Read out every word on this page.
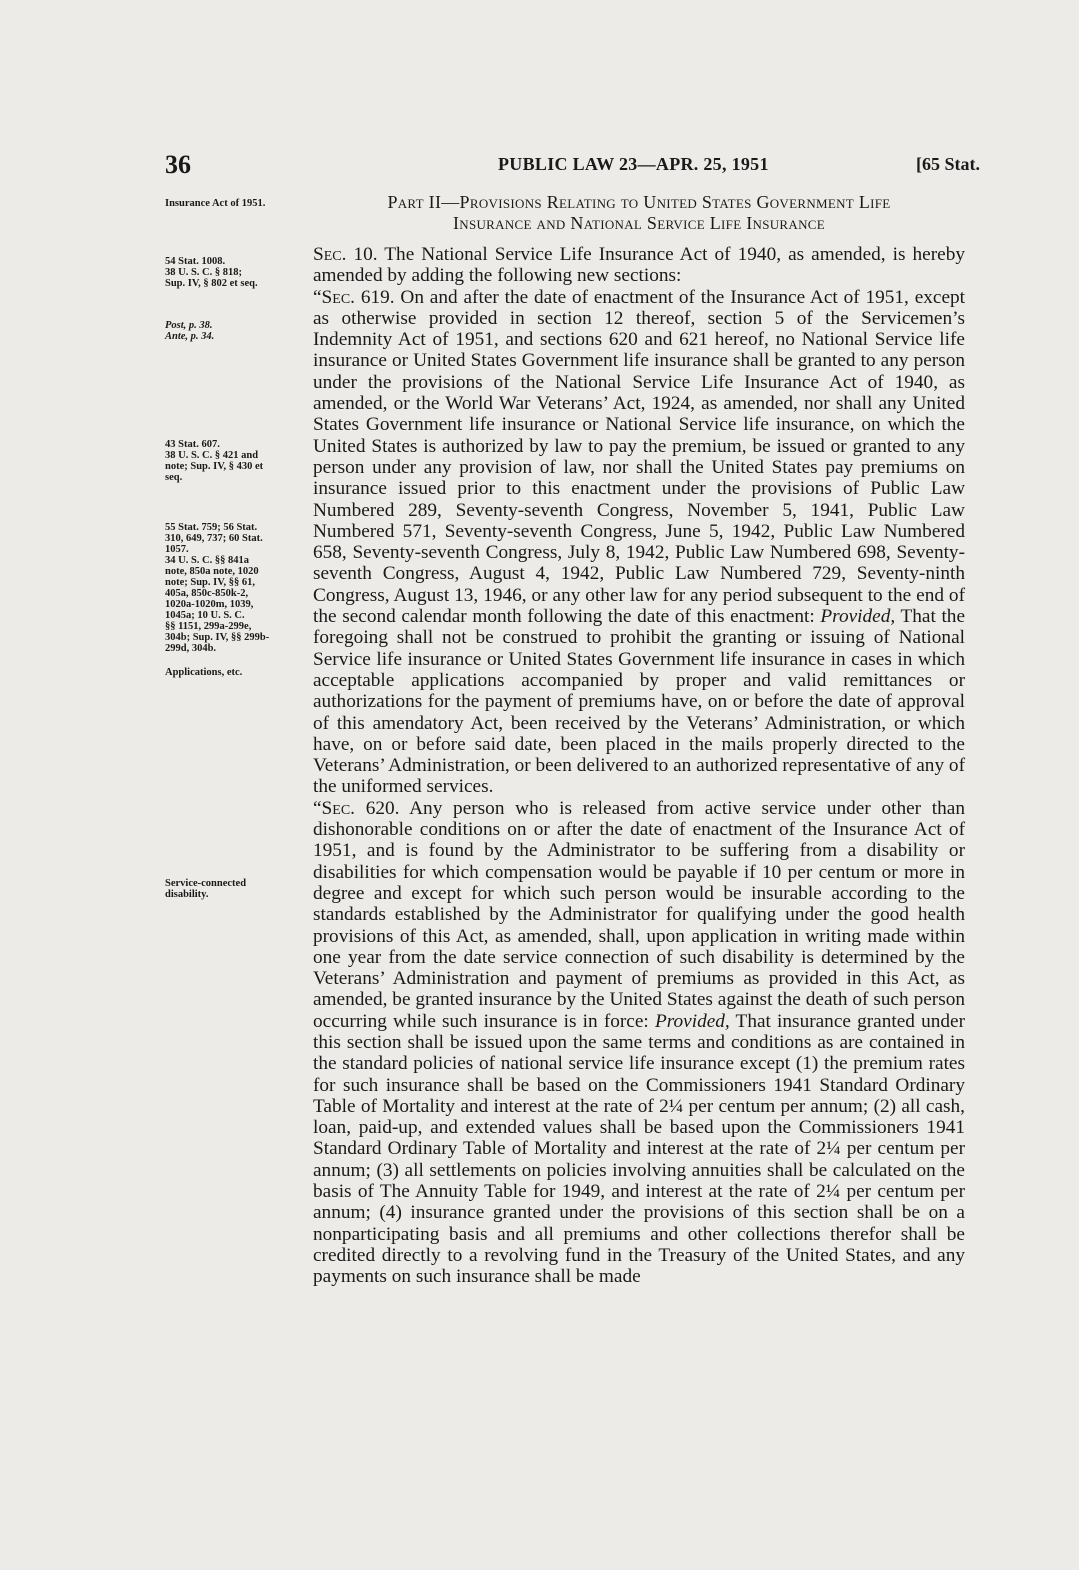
36	PUBLIC LAW 23—APR. 25, 1951	[65 Stat.
Insurance Act of 1951.
54 Stat. 1008.
38 U. S. C. § 818;
Sup. IV, § 802 et seq.
Post, p. 38.
Ante, p. 34.
43 Stat. 607.
38 U. S. C. § 421 and
note; Sup. IV, § 430 et
seq.
55 Stat. 759; 56 Stat.
310, 649, 737; 60 Stat.
1057.
34 U. S. C. §§ 841a
note, 850a note, 1020
note; Sup. IV, §§ 61,
405a, 850c-850k-2,
1020a-1020m, 1039,
1045a; 10 U. S. C.
§§ 1151, 299a-299e,
304b; Sup. IV, §§ 299b-
299d, 304b.
Applications, etc.
Service-connected
disability.
Part II—Provisions Relating to United States Government Life
Insurance and National Service Life Insurance

Sec. 10. The National Service Life Insurance Act of 1940, as amended, is hereby amended by adding the following new sections:

“Sec. 619. On and after the date of enactment of the Insurance Act of 1951, except as otherwise provided in section 12 thereof, section 5 of the Servicemen’s Indemnity Act of 1951, and sections 620 and 621 hereof, no National Service life insurance or United States Government life insurance shall be granted to any person under the provisions of the National Service Life Insurance Act of 1940, as amended, or the World War Veterans’ Act, 1924, as amended, nor shall any United States Government life insurance or National Service life insurance, on which the United States is authorized by law to pay the premium, be issued or granted to any person under any provision of law, nor shall the United States pay premiums on insurance issued prior to this enactment under the provisions of Public Law Numbered 289, Seventy-seventh Congress, November 5, 1941, Public Law Numbered 571, Seventy-seventh Congress, June 5, 1942, Public Law Numbered 658, Seventy-seventh Congress, July 8, 1942, Public Law Numbered 698, Seventy-seventh Congress, August 4, 1942, Public Law Numbered 729, Seventy-ninth Congress, August 13, 1946, or any other law for any period subsequent to the end of the second calendar month following the date of this enactment: Provided, That the foregoing shall not be construed to prohibit the granting or issuing of National Service life insurance or United States Government life insurance in cases in which acceptable applications accompanied by proper and valid remittances or authorizations for the payment of premiums have, on or before the date of approval of this amendatory Act, been received by the Veterans’ Administration, or which have, on or before said date, been placed in the mails properly directed to the Veterans’ Administration, or been delivered to an authorized representative of any of the uniformed services.

“Sec. 620. Any person who is released from active service under other than dishonorable conditions on or after the date of enactment of the Insurance Act of 1951, and is found by the Administrator to be suffering from a disability or disabilities for which compensation would be payable if 10 per centum or more in degree and except for which such person would be insurable according to the standards established by the Administrator for qualifying under the good health provisions of this Act, as amended, shall, upon application in writing made within one year from the date service connection of such disability is determined by the Veterans’ Administration and payment of premiums as provided in this Act, as amended, be granted insurance by the United States against the death of such person occurring while such insurance is in force: Provided, That insurance granted under this section shall be issued upon the same terms and conditions as are contained in the standard policies of national service life insurance except (1) the premium rates for such insurance shall be based on the Commissioners 1941 Standard Ordinary Table of Mortality and interest at the rate of 2¼ per centum per annum; (2) all cash, loan, paid-up, and extended values shall be based upon the Commissioners 1941 Standard Ordinary Table of Mortality and interest at the rate of 2¼ per centum per annum; (3) all settlements on policies involving annuities shall be calculated on the basis of The Annuity Table for 1949, and interest at the rate of 2¼ per centum per annum; (4) insurance granted under the provisions of this section shall be on a nonparticipating basis and all premiums and other collections therefor shall be credited directly to a revolving fund in the Treasury of the United States, and any payments on such insurance shall be made
